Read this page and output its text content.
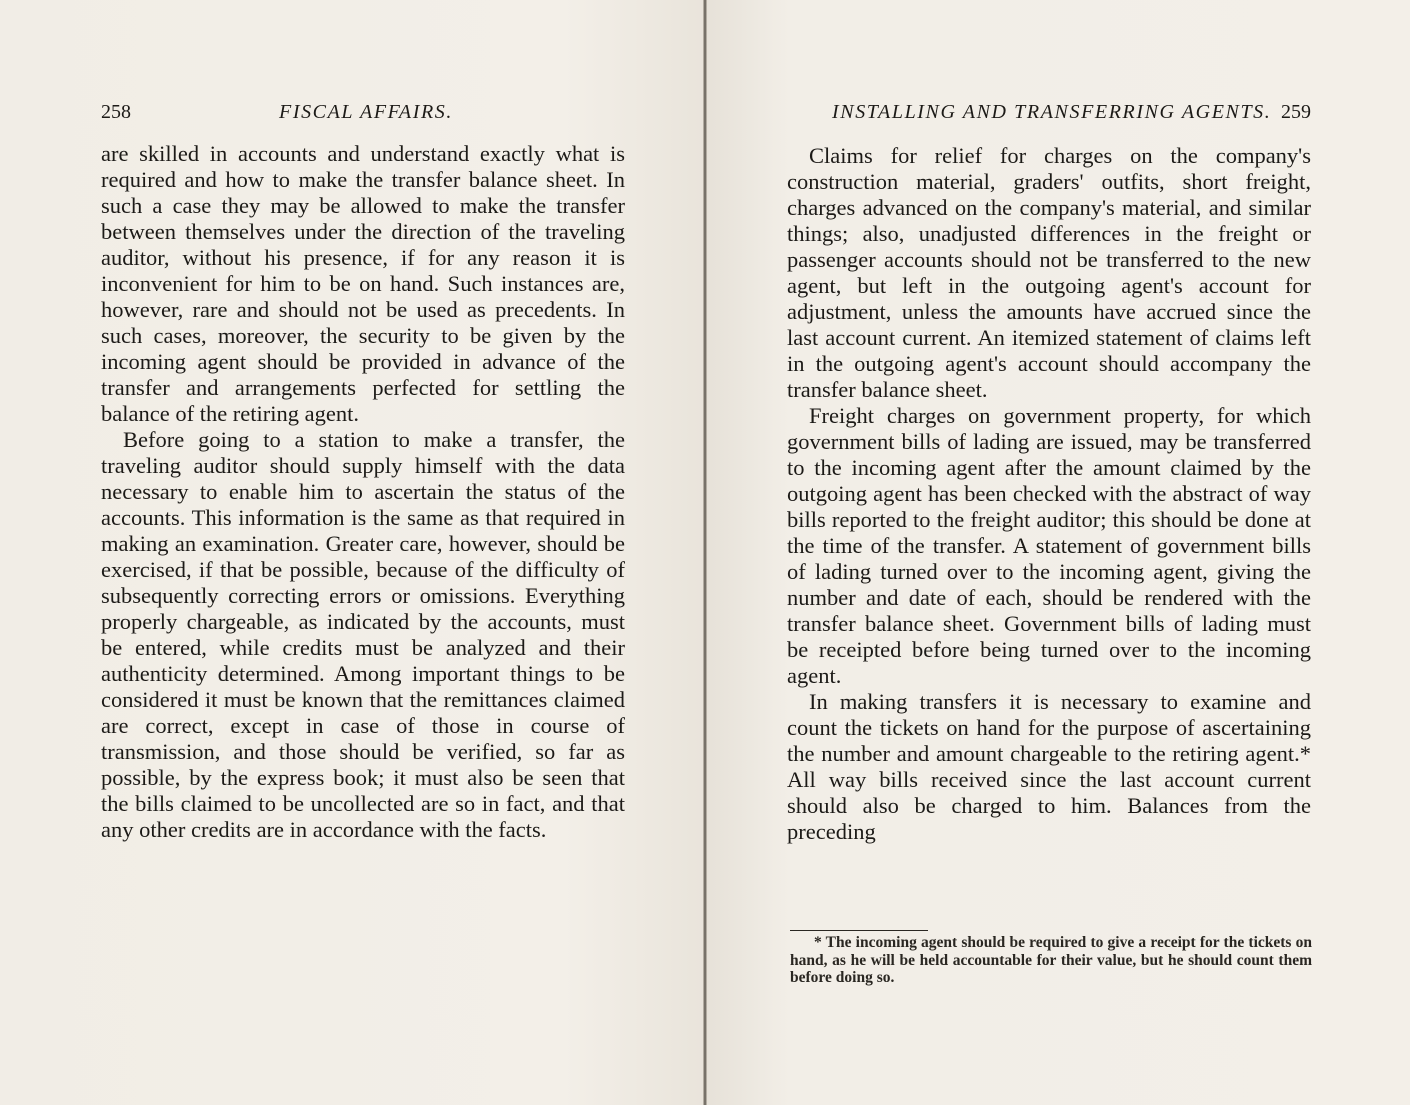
258	FISCAL AFFAIRS.

are skilled in accounts and understand exactly what is required and how to make the transfer balance sheet. In such a case they may be allowed to make the transfer between themselves under the direction of the traveling auditor, without his presence, if for any reason it is inconvenient for him to be on hand. Such instances are, however, rare and should not be used as precedents. In such cases, moreover, the security to be given by the incoming agent should be provided in advance of the transfer and arrangements perfected for settling the balance of the retiring agent.

Before going to a station to make a transfer, the traveling auditor should supply himself with the data necessary to enable him to ascertain the status of the accounts. This information is the same as that required in making an examination. Greater care, however, should be exercised, if that be possible, because of the difficulty of subsequently correcting errors or omissions. Everything properly chargeable, as indicated by the accounts, must be entered, while credits must be analyzed and their authenticity determined. Among important things to be considered it must be known that the remittances claimed are correct, except in case of those in course of transmission, and those should be verified, so far as possible, by the express book; it must also be seen that the bills claimed to be uncollected are so in fact, and that any other credits are in accordance with the facts.

INSTALLING AND TRANSFERRING AGENTS. 259

Claims for relief for charges on the company's construction material, graders' outfits, short freight, charges advanced on the company's material, and similar things; also, unadjusted differences in the freight or passenger accounts should not be transferred to the new agent, but left in the outgoing agent's account for adjustment, unless the amounts have accrued since the last account current. An itemized statement of claims left in the outgoing agent's account should accompany the transfer balance sheet.

Freight charges on government property, for which government bills of lading are issued, may be transferred to the incoming agent after the amount claimed by the outgoing agent has been checked with the abstract of way bills reported to the freight auditor; this should be done at the time of the transfer. A statement of government bills of lading turned over to the incoming agent, giving the number and date of each, should be rendered with the transfer balance sheet. Government bills of lading must be receipted before being turned over to the incoming agent.

In making transfers it is necessary to examine and count the tickets on hand for the purpose of ascertaining the number and amount chargeable to the retiring agent.* All way bills received since the last account current should also be charged to him. Balances from the preceding

* The incoming agent should be required to give a receipt for the tickets on hand, as he will be held accountable for their value, but he should count them before doing so.
